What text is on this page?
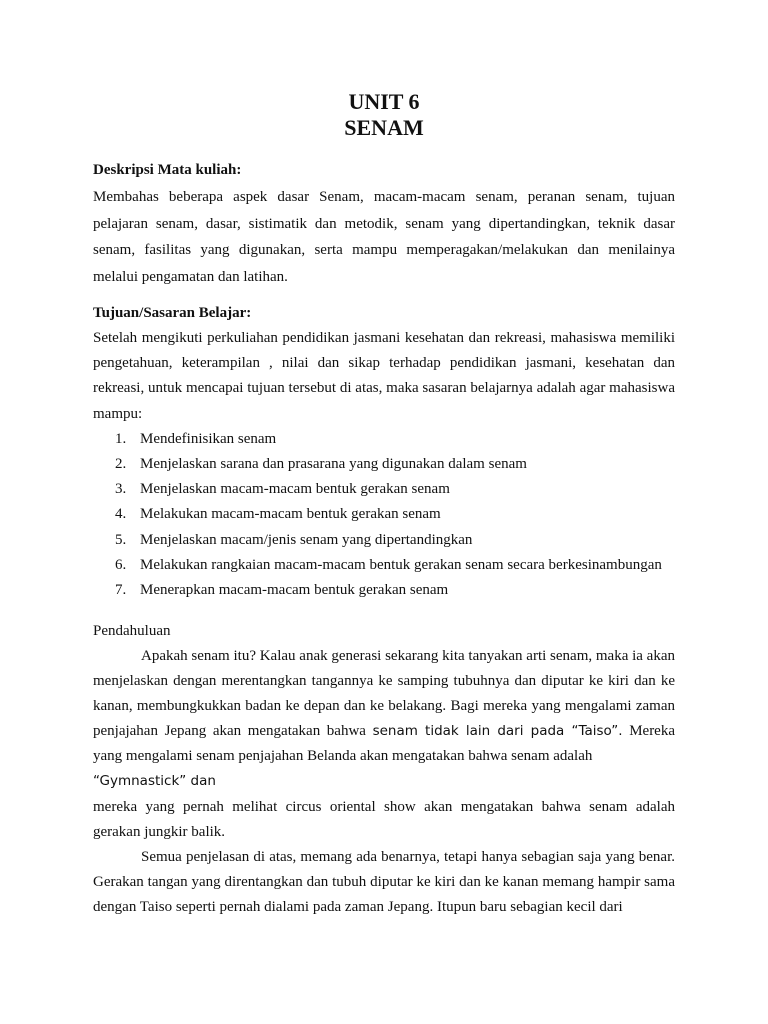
UNIT 6
SENAM
Deskripsi Mata kuliah:
Membahas beberapa aspek dasar Senam, macam-macam senam, peranan senam, tujuan pelajaran senam, dasar, sistimatik dan metodik, senam yang dipertandingkan, teknik dasar senam, fasilitas yang digunakan, serta mampu memperagakan/melakukan dan menilainya melalui pengamatan dan latihan.
Tujuan/Sasaran Belajar:
Setelah mengikuti perkuliahan pendidikan jasmani kesehatan dan rekreasi, mahasiswa memiliki pengetahuan, keterampilan , nilai dan sikap terhadap pendidikan jasmani, kesehatan dan rekreasi, untuk mencapai tujuan tersebut di atas, maka sasaran belajarnya adalah agar mahasiswa mampu:
1. Mendefinisikan senam
2. Menjelaskan sarana dan prasarana yang digunakan dalam senam
3. Menjelaskan macam-macam bentuk gerakan senam
4. Melakukan macam-macam bentuk gerakan senam
5. Menjelaskan macam/jenis senam yang dipertandingkan
6. Melakukan rangkaian macam-macam bentuk gerakan senam secara berkesinambungan
7. Menerapkan macam-macam bentuk gerakan senam
Pendahuluan
Apakah senam itu? Kalau anak generasi sekarang kita tanyakan arti senam, maka ia akan menjelaskan dengan merentangkan tangannya ke samping tubuhnya dan diputar ke kiri dan ke kanan, membungkukkan badan ke depan dan ke belakang. Bagi mereka yang mengalami zaman penjajahan Jepang akan mengatakan bahwa senam tidak lain dari pada “Taiso”. Mereka yang mengalami senam penjajahan Belanda akan mengatakan bahwa senam adalah
“Gymnastick” dan
mereka yang pernah melihat circus oriental show akan mengatakan bahwa senam adalah gerakan jungkir balik.
Semua penjelasan di atas, memang ada benarnya, tetapi hanya sebagian saja yang benar. Gerakan tangan yang direntangkan dan tubuh diputar ke kiri dan ke kanan memang hampir sama dengan Taiso seperti pernah dialami pada zaman Jepang. Itupun baru sebagian kecil dari
